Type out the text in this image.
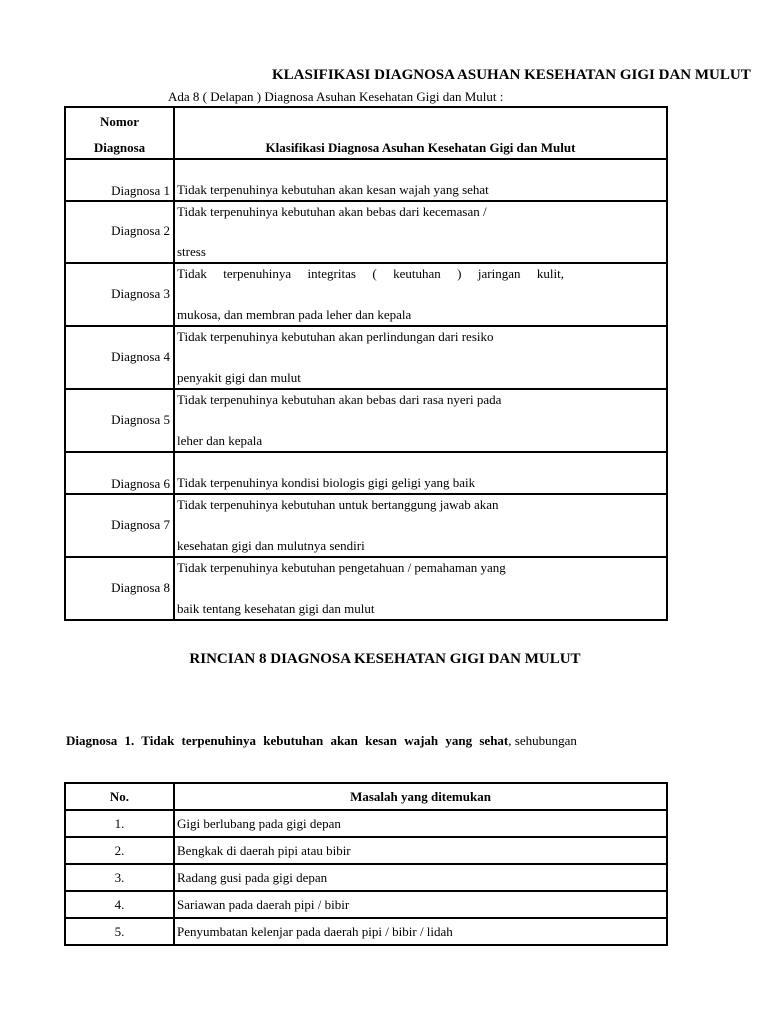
KLASIFIKASI DIAGNOSA ASUHAN KESEHATAN GIGI DAN MULUT
Ada 8 ( Delapan ) Diagnosa Asuhan Kesehatan Gigi dan Mulut :
Nomor
Diagnosa	Klasifikasi Diagnosa Asuhan Kesehatan Gigi dan Mulut

Diagnosa 1	Tidak terpenuhinya kebutuhan akan kesan wajah yang sehat

Diagnosa 2	Tidak terpenuhinya kebutuhan akan bebas dari kecemasan /
stress

Diagnosa 3	Tidak terpenuhinya integritas ( keutuhan ) jaringan kulit,
mukosa, dan membran pada leher dan kepala

Diagnosa 4	Tidak terpenuhinya kebutuhan akan perlindungan dari resiko
penyakit gigi dan mulut

Diagnosa 5	Tidak terpenuhinya kebutuhan akan bebas dari rasa nyeri pada
leher dan kepala

Diagnosa 6	Tidak terpenuhinya kondisi biologis gigi geligi yang baik

Diagnosa 7	Tidak terpenuhinya kebutuhan untuk bertanggung jawab akan
kesehatan gigi dan mulutnya sendiri

Diagnosa 8	Tidak terpenuhinya kebutuhan pengetahuan / pemahaman yang
baik tentang kesehatan gigi dan mulut
RINCIAN 8 DIAGNOSA KESEHATAN GIGI DAN MULUT
Diagnosa 1. Tidak terpenuhinya kebutuhan akan kesan wajah yang sehat, sehubungan
No.	Masalah yang ditemukan
1.	Gigi berlubang pada gigi depan
2.	Bengkak di daerah pipi atau bibir
3.	Radang gusi pada gigi depan
4.	Sariawan pada daerah pipi / bibir
5.	Penyumbatan kelenjar pada daerah pipi / bibir / lidah
